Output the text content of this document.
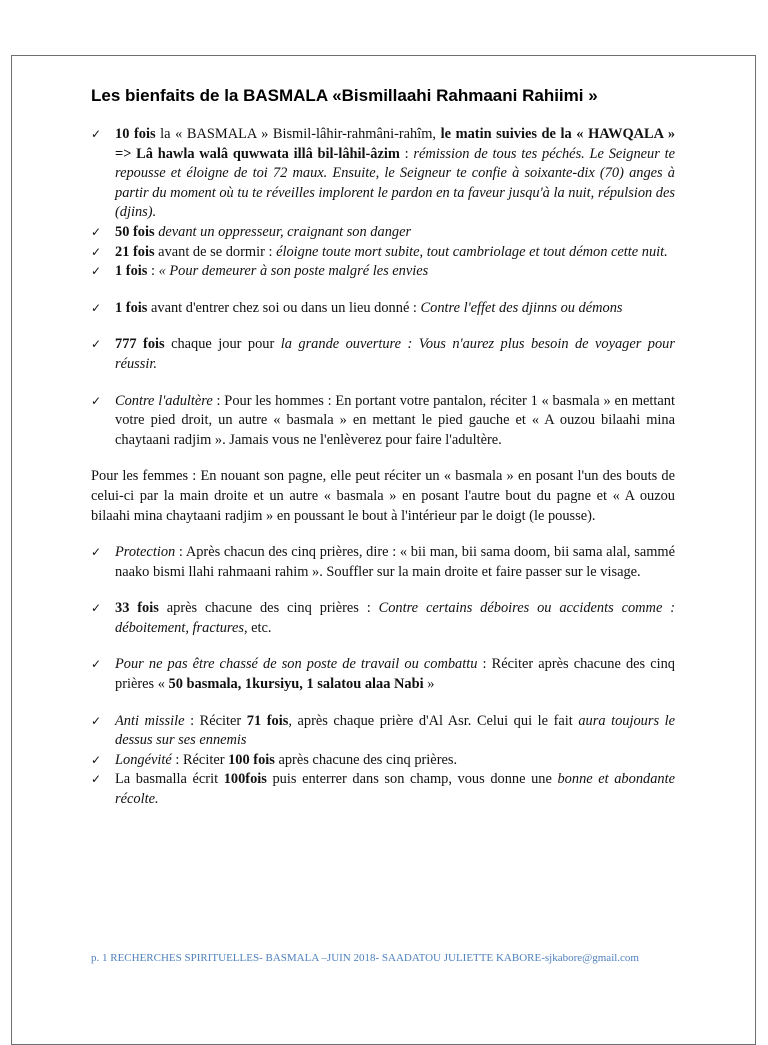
Les bienfaits de la BASMALA «Bismillaahi Rahmaani Rahiimi »
✓ 10 fois la « BASMALA » Bismil-lâhir-rahmâni-rahîm, le matin suivies de la « HAWQALA » => Lâ hawla walâ quwwata illâ bil-lâhil-âzim : rémission de tous tes péchés. Le Seigneur te repousse et éloigne de toi 72 maux. Ensuite, le Seigneur te confie à soixante-dix (70) anges à partir du moment où tu te réveilles implorent le pardon en ta faveur jusqu'à la nuit, répulsion des (djins).
✓ 50 fois devant un oppresseur, craignant son danger
✓ 21 fois avant de se dormir : éloigne toute mort subite, tout cambriolage et tout démon cette nuit.
✓ 1 fois : « Pour demeurer à son poste malgré les envies
✓ 1 fois avant d'entrer chez soi ou dans un lieu donné : Contre l'effet des djinns ou démons
✓ 777 fois chaque jour pour la grande ouverture : Vous n'aurez plus besoin de voyager pour réussir.
✓ Contre l'adultère : Pour les hommes : En portant votre pantalon, réciter 1 « basmala » en mettant votre pied droit, un autre « basmala » en mettant le pied gauche et « A ouzou bilaahi mina chaytaani radjim ». Jamais vous ne l'enlèverez pour faire l'adultère.
Pour les femmes : En nouant son pagne, elle peut réciter un « basmala » en posant l'un des bouts de celui-ci par la main droite et un autre « basmala » en posant l'autre bout du pagne et « A ouzou bilaahi mina chaytaani radjim » en poussant le bout à l'intérieur par le doigt (le pousse).
✓ Protection : Après chacun des cinq prières, dire : « bii man, bii sama doom, bii sama alal, sammé naako bismi llahi rahmaani rahim ». Souffler sur la main droite et faire passer sur le visage.
✓ 33 fois après chacune des cinq prières : Contre certains déboires ou accidents comme : déboitement, fractures, etc.
✓ Pour ne pas être chassé de son poste de travail ou combattu : Réciter après chacune des cinq prières « 50 basmala, 1kursiyu, 1 salatou alaa Nabi »
✓ Anti missile : Réciter 71 fois, après chaque prière d'Al Asr. Celui qui le fait aura toujours le dessus sur ses ennemis
✓ Longévité : Réciter 100 fois après chacune des cinq prières.
✓ La basmalla écrit 100fois puis enterrer dans son champ, vous donne une bonne et abondante récolte.
p. 1 RECHERCHES SPIRITUELLES- BASMALA –JUIN 2018- SAADATOU JULIETTE KABORE-sjkabore@gmail.com
